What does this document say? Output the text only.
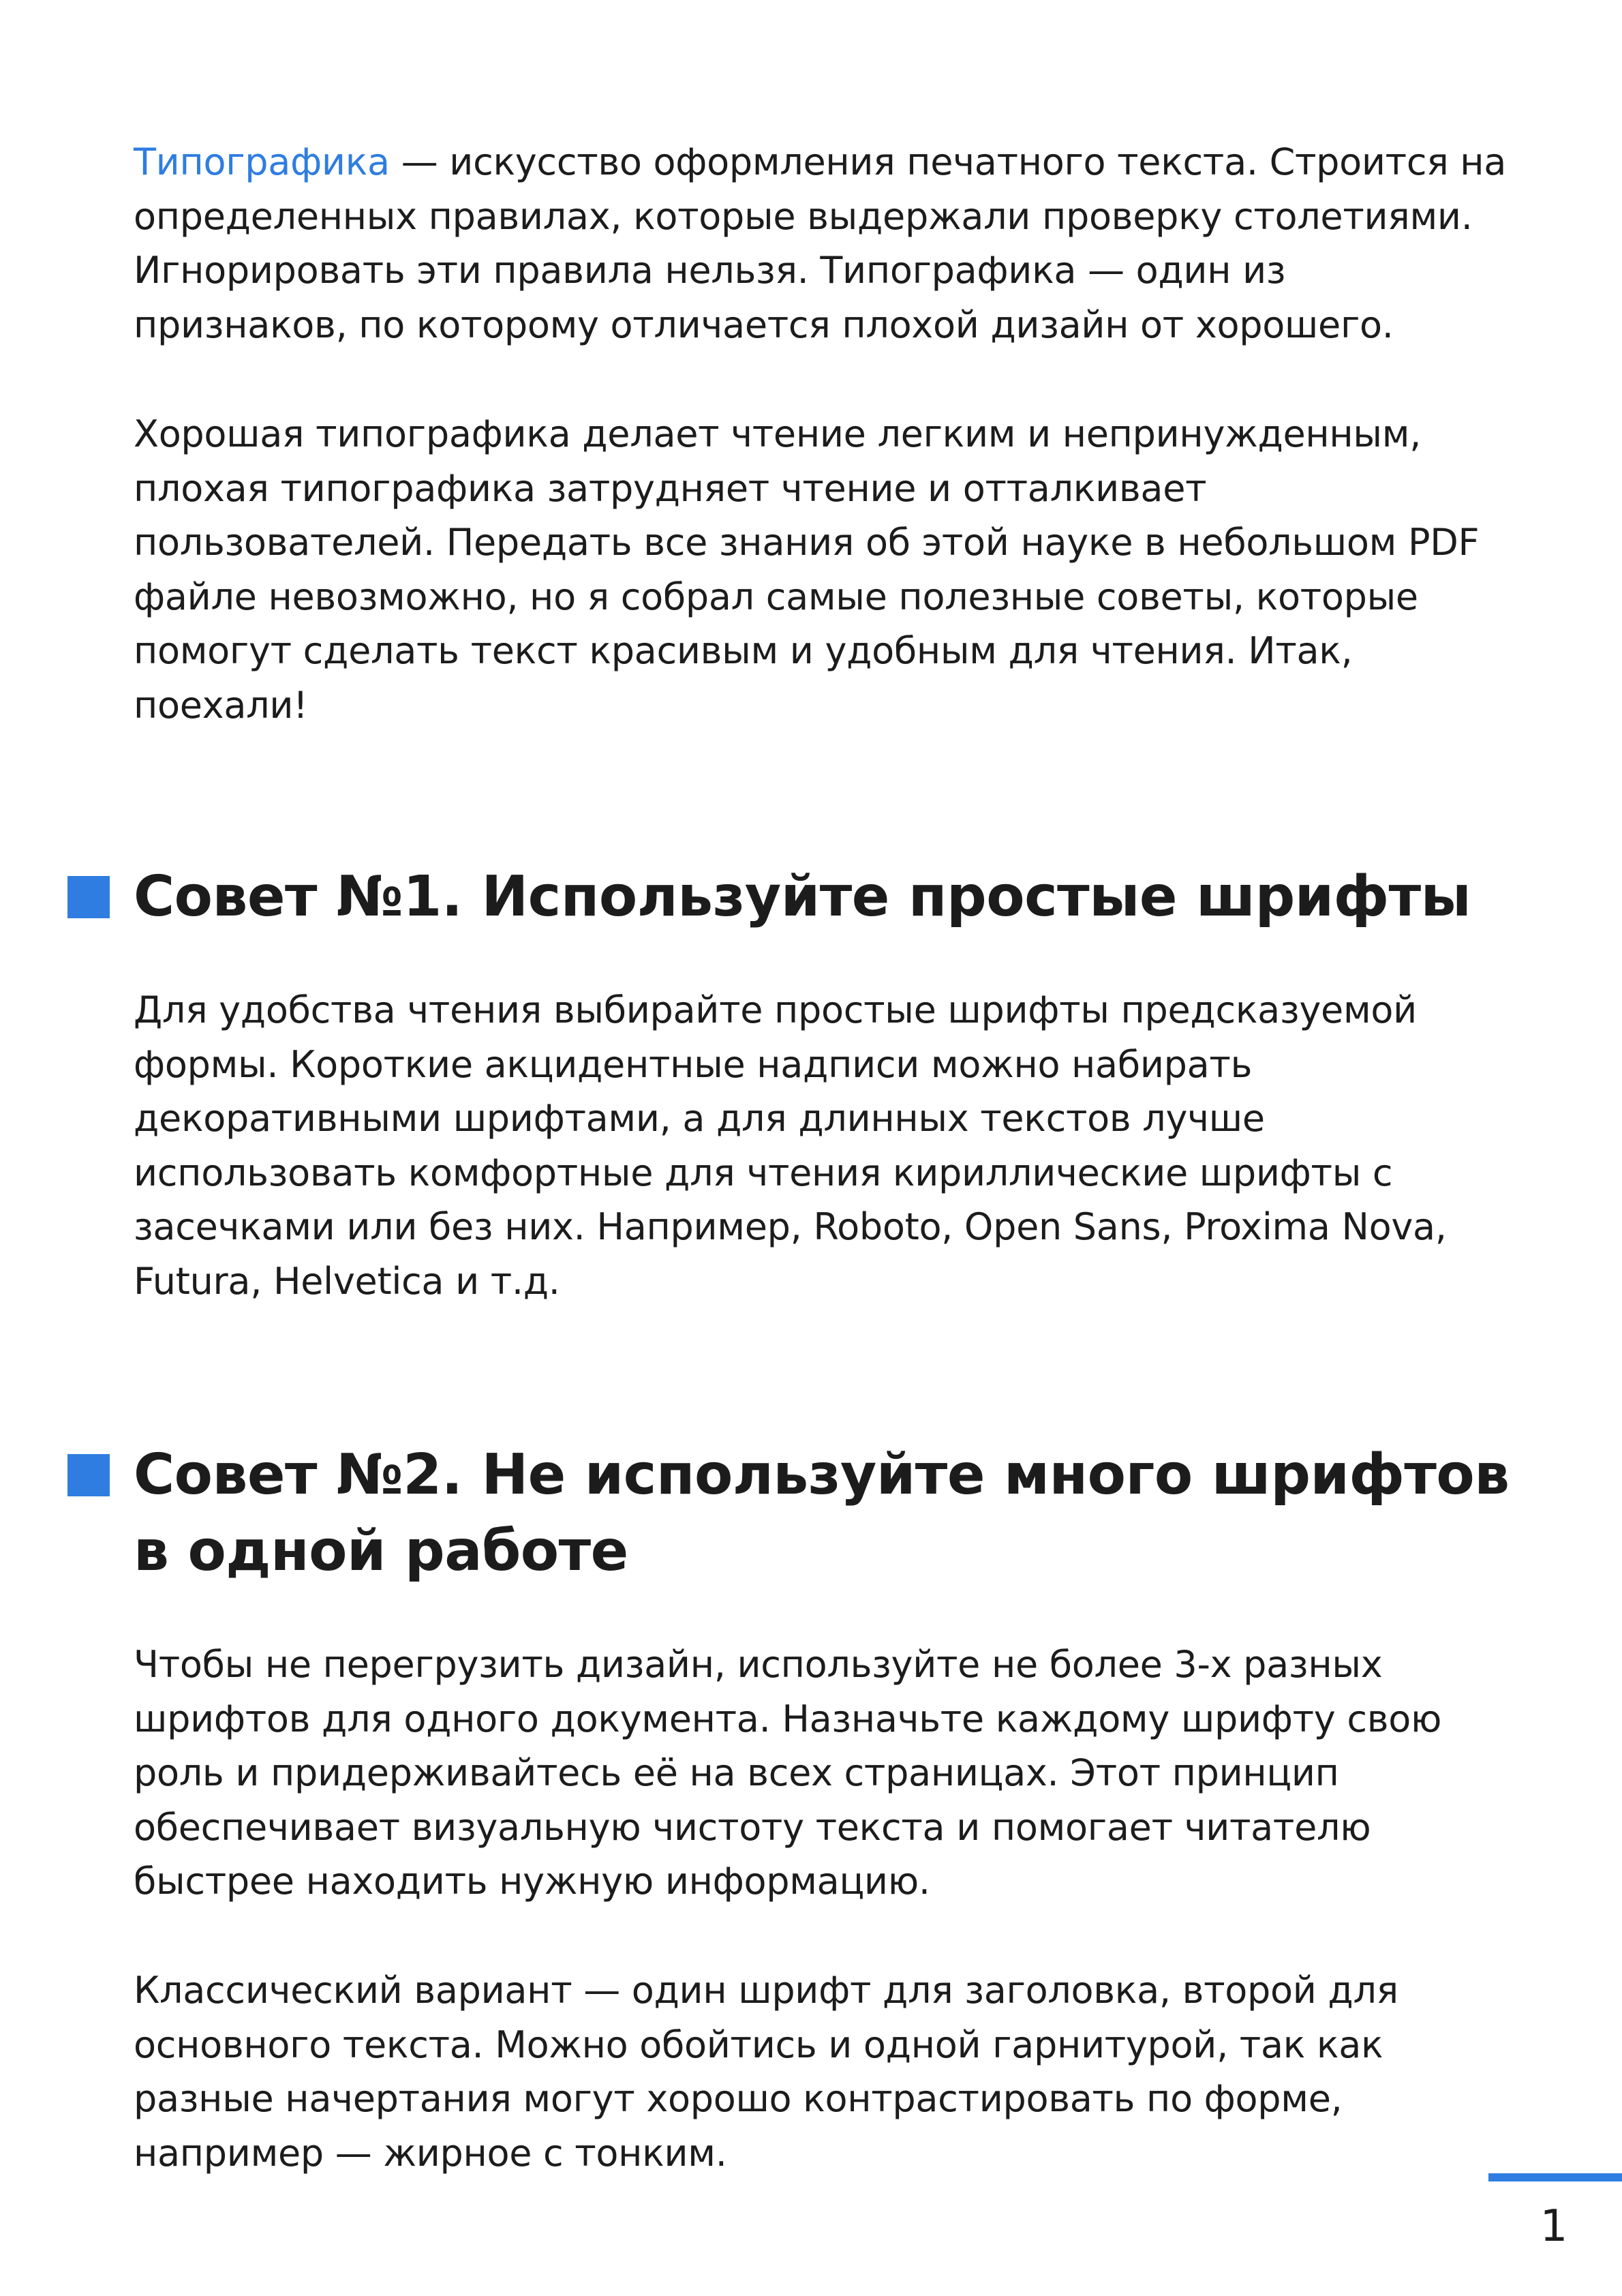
Типографика — искусство оформления печатного текста. Строится на
определенных правилах, которые выдержали проверку столетиями.
Игнорировать эти правила нельзя. Типографика — один из
признаков, по которому отличается плохой дизайн от хорошего.

Хорошая типографика делает чтение легким и непринужденным,
плохая типографика затрудняет чтение и отталкивает
пользователей. Передать все знания об этой науке в небольшом PDF
файле невозможно, но я собрал самые полезные советы, которые
помогут сделать текст красивым и удобным для чтения. Итак,
поехали!

Совет №1. Используйте простые шрифты

Для удобства чтения выбирайте простые шрифты предсказуемой
формы. Короткие акцидентные надписи можно набирать
декоративными шрифтами, а для длинных текстов лучше
использовать комфортные для чтения кириллические шрифты с
засечками или без них. Например, Roboto, Open Sans, Proxima Nova,
Futura, Helvetica и т.д.

Совет №2. Не используйте много шрифтов
в одной работе

Чтобы не перегрузить дизайн, используйте не более 3-х разных
шрифтов для одного документа. Назначьте каждому шрифту свою
роль и придерживайтесь её на всех страницах. Этот принцип
обеспечивает визуальную чистоту текста и помогает читателю
быстрее находить нужную информацию.

Классический вариант — один шрифт для заголовка, второй для
основного текста. Можно обойтись и одной гарнитурой, так как
разные начертания могут хорошо контрастировать по форме,
например — жирное с тонким.

1
